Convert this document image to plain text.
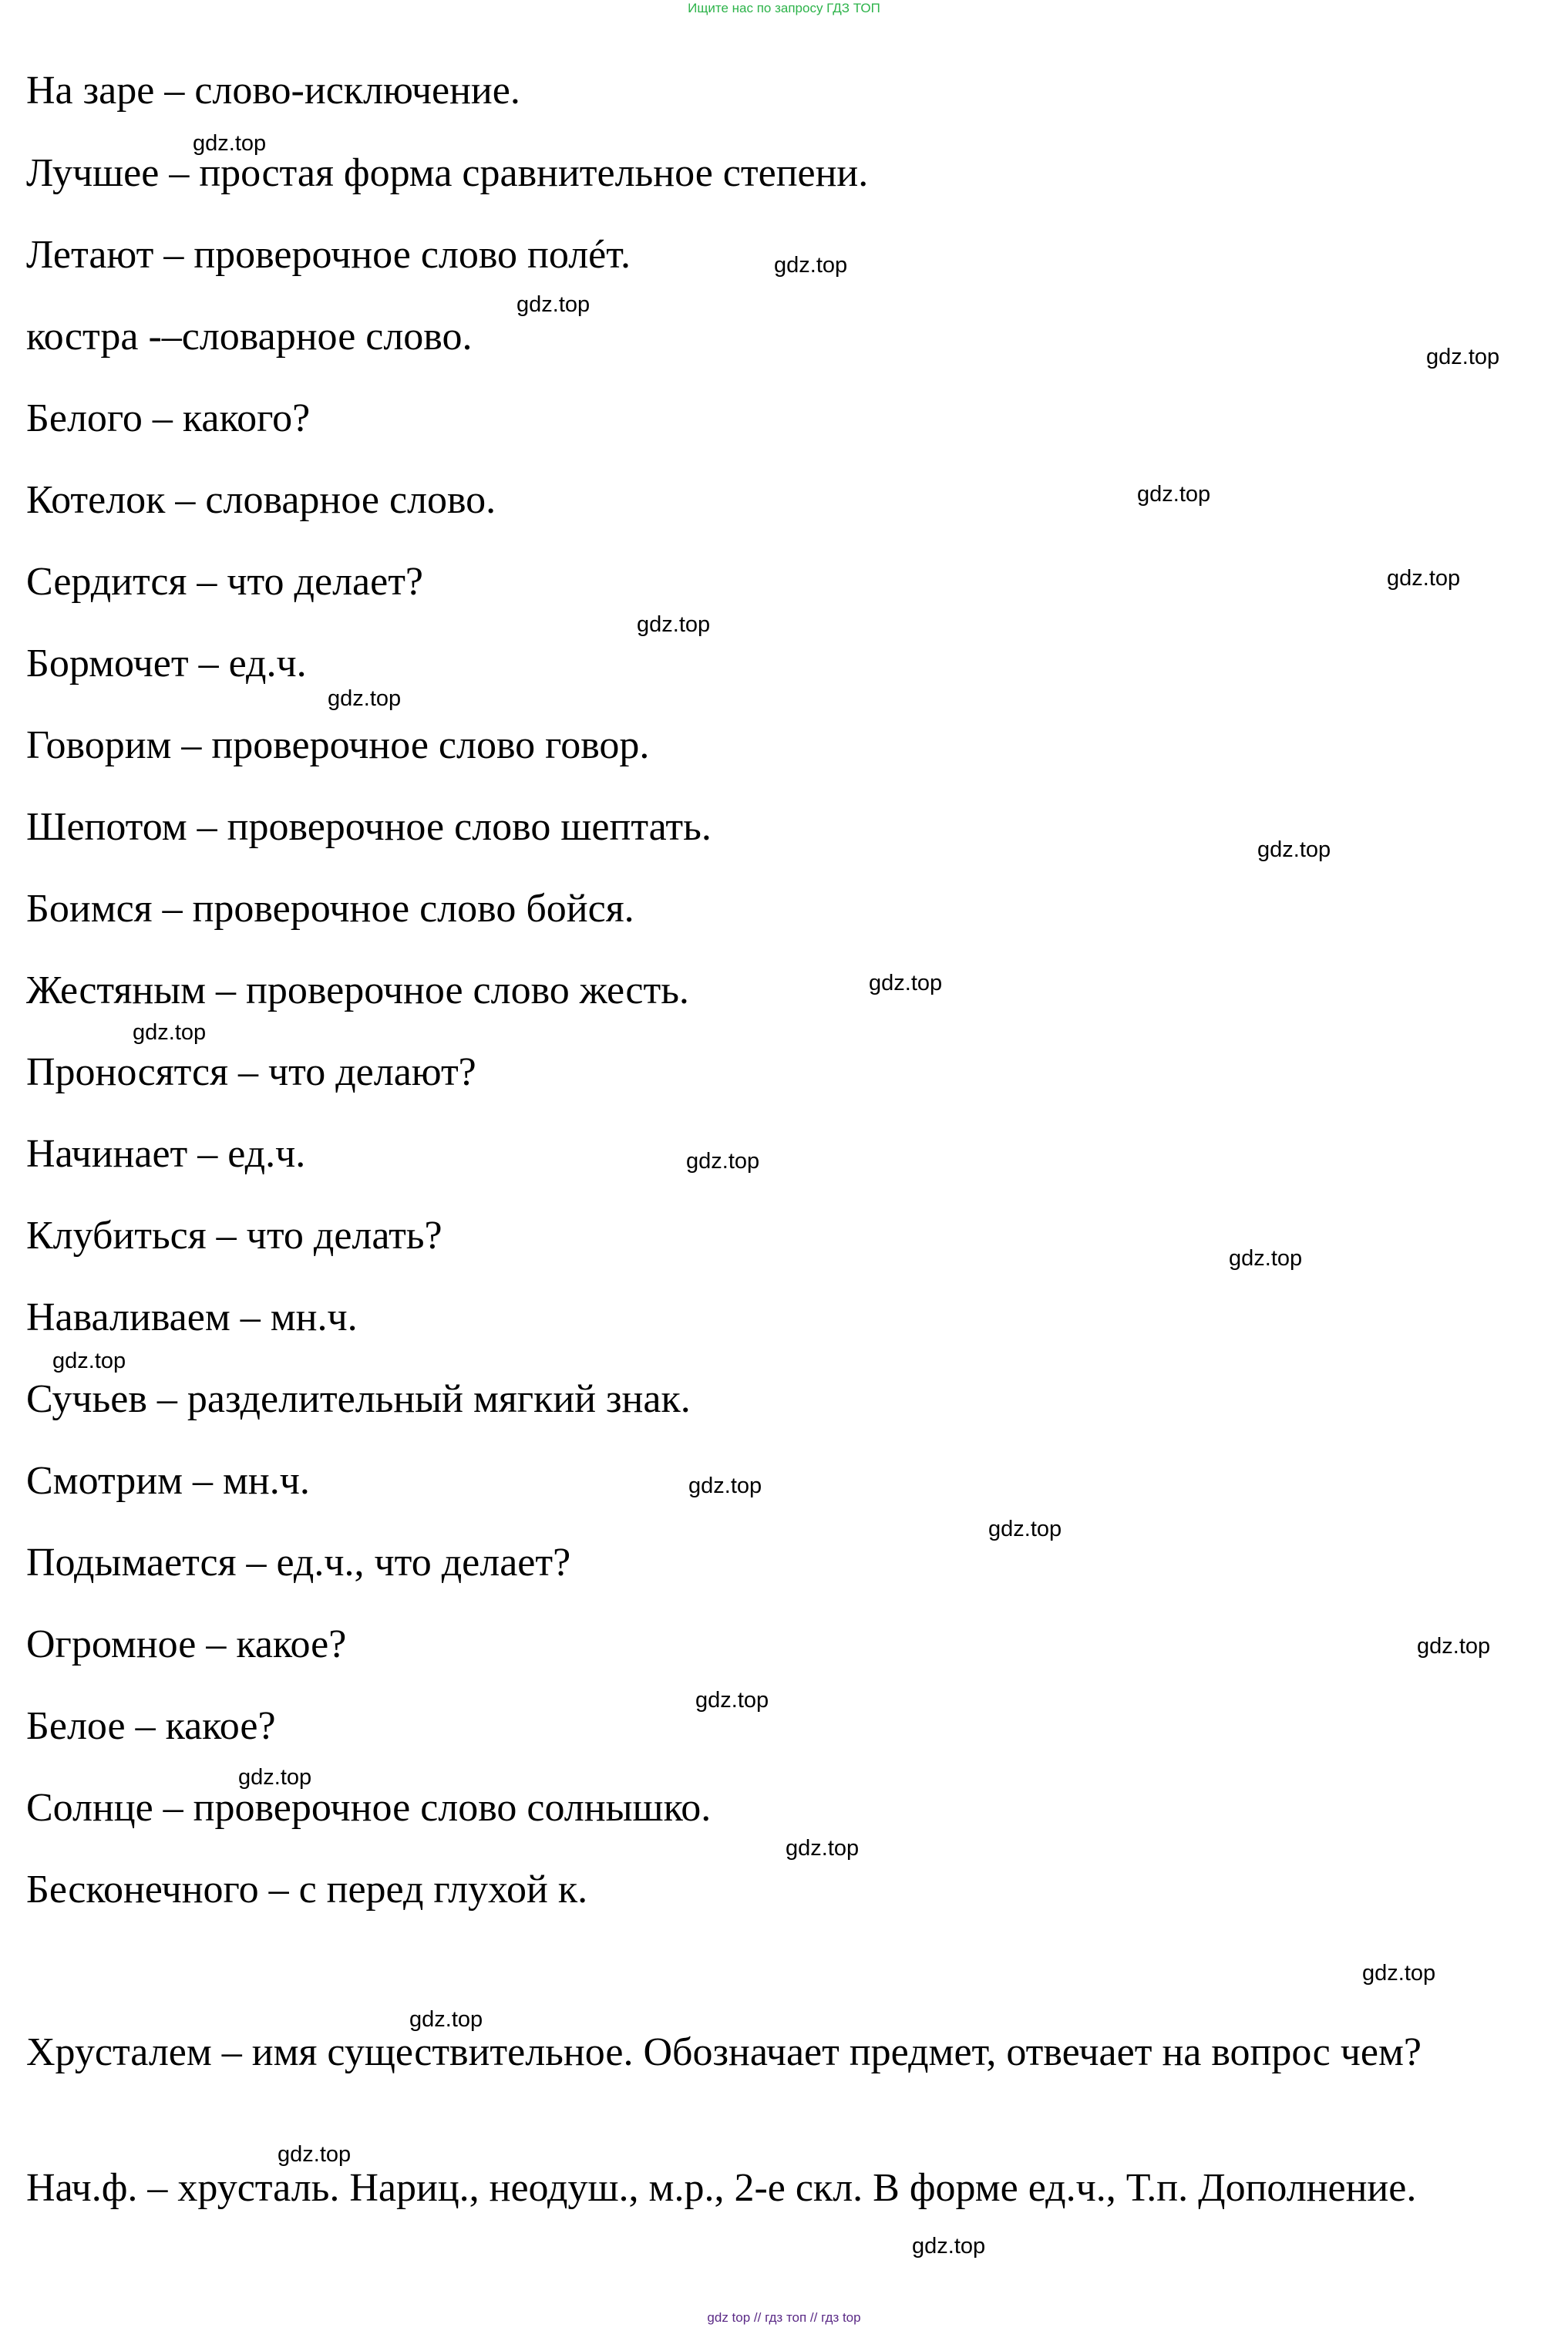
Ищите нас по запросу ГДЗ ТОП
На заре – слово-исключение.
Лучшее – простая форма сравнительное степени.
Летают – проверочное слово полéт.
костра -–словарное слово.
Белого – какого?
Котелок – словарное слово.
Сердится – что делает?
Бормочет – ед.ч.
Говорим – проверочное слово говор.
Шепотом – проверочное слово шептать.
Боимся – проверочное слово бойся.
Жестяным – проверочное слово жесть.
Проносятся – что делают?
Начинает – ед.ч.
Клубиться – что делать?
Наваливаем – мн.ч.
Сучьев – разделительный мягкий знак.
Смотрим – мн.ч.
Подымается – ед.ч., что делает?
Огромное – какое?
Белое – какое?
Солнце – проверочное слово солнышко.
Бесконечного – с перед глухой к.
Хрусталем – имя существительное. Обозначает предмет, отвечает на вопрос чем?
Нач.ф. – хрусталь. Нариц., неодуш., м.р., 2-е скл. В форме ед.ч., Т.п. Дополнение.
gdz.top
gdz.top
gdz.top
gdz.top
gdz.top
gdz.top
gdz.top
gdz.top
gdz.top
gdz.top
gdz.top
gdz.top
gdz.top
gdz.top
gdz.top
gdz.top
gdz.top
gdz.top
gdz.top
gdz.top
gdz.top
gdz.top
gdz.top
gdz.top
gdz top // гдз топ // гдз top
